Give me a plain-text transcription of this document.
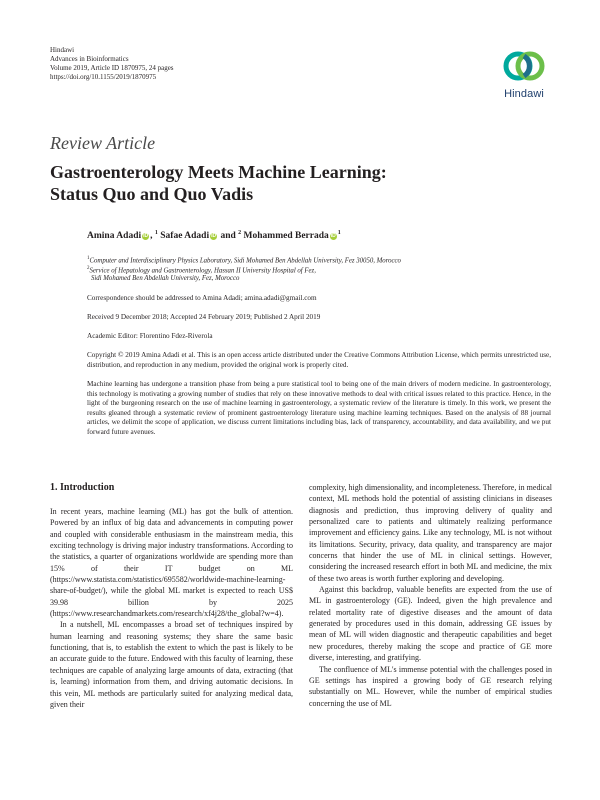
Hindawi
Advances in Bioinformatics
Volume 2019, Article ID 1870975, 24 pages
https://doi.org/10.1155/2019/1870975
Hindawi
Review Article
Gastroenterology Meets Machine Learning:
Status Quo and Quo Vadis
Amina Adadi iD , $^1$ Safae Adadi iD and $^2$ Mohammed Berrada $iD^1$
$^1$Computer and Interdisciplinary Physics Laboratory, Sidi Mohamed Ben Abdellah University, Fez 30050, Morocco
$^2$Service of Hepatology and Gastroenterology, Hassan II University Hospital of Fez,
Sidi Mohamed Ben Abdellah University, Fez, Morocco
Correspondence should be addressed to Amina Adadi; amina.adadi@gmail.com
Received 9 December 2018; Accepted 24 February 2019; Published 2 April 2019
Academic Editor: Florentino Fdez-Riverola
Copyright © 2019 Amina Adadi et al. This is an open access article distributed under the Creative Commons Attribution License, which permits unrestricted use, distribution, and reproduction in any medium, provided the original work is properly cited.
Machine learning has undergone a transition phase from being a pure statistical tool to being one of the main drivers of modern medicine. In gastroenterology, this technology is motivating a growing number of studies that rely on these innovative methods to deal with critical issues related to this practice. Hence, in the light of the burgeoning research on the use of machine learning in gastroenterology, a systematic review of the literature is timely. In this work, we present the results gleaned through a systematic review of prominent gastroenterology literature using machine learning techniques. Based on the analysis of 88 journal articles, we delimit the scope of application, we discuss current limitations including bias, lack of transparency, accountability, and data availability, and we put forward future avenues.
1. Introduction

In recent years, machine learning (ML) has got the bulk of attention. Powered by an influx of big data and advancements in computing power and coupled with considerable enthusiasm in the mainstream media, this exciting technology is driving major industry transformations. According to the statistics, a quarter of organizations worldwide are spending more than 15% of their IT budget on ML (https://www.statista.com/statistics/695582/worldwide-machine-learning-share-of-budget/), while the global ML market is expected to reach US$ 39.98 billion by 2025 (https://www.researchandmarkets.com/research/xf4j28/the_global?w=4).

In a nutshell, ML encompasses a broad set of techniques inspired by human learning and reasoning systems; they share the same basic functioning, that is, to establish the extent to which the past is likely to be an accurate guide to the future. Endowed with this faculty of learning, these techniques are capable of analyzing large amounts of data, extracting (that is, learning) information from them, and driving automatic decisions. In this vein, ML methods are particularly suited for analyzing medical data, given their

complexity, high dimensionality, and incompleteness. Therefore, in medical context, ML methods hold the potential of assisting clinicians in diseases diagnosis and prediction, thus improving delivery of quality and personalized care to patients and ultimately realizing performance improvement and efficiency gains. Like any technology, ML is not without its limitations. Security, privacy, data quality, and transparency are major concerns that hinder the use of ML in clinical settings. However, considering the increased research effort in both ML and medicine, the mix of these two areas is worth further exploring and developing.

Against this backdrop, valuable benefits are expected from the use of ML in gastroenterology (GE). Indeed, given the high prevalence and related mortality rate of digestive diseases and the amount of data generated by procedures used in this domain, addressing GE issues by mean of ML will widen diagnostic and therapeutic capabilities and beget new procedures, thereby making the scope and practice of GE more diverse, interesting, and gratifying.

The confluence of ML's immense potential with the challenges posed in GE settings has inspired a growing body of GE research relying substantially on ML. However, while the number of empirical studies concerning the use of ML
